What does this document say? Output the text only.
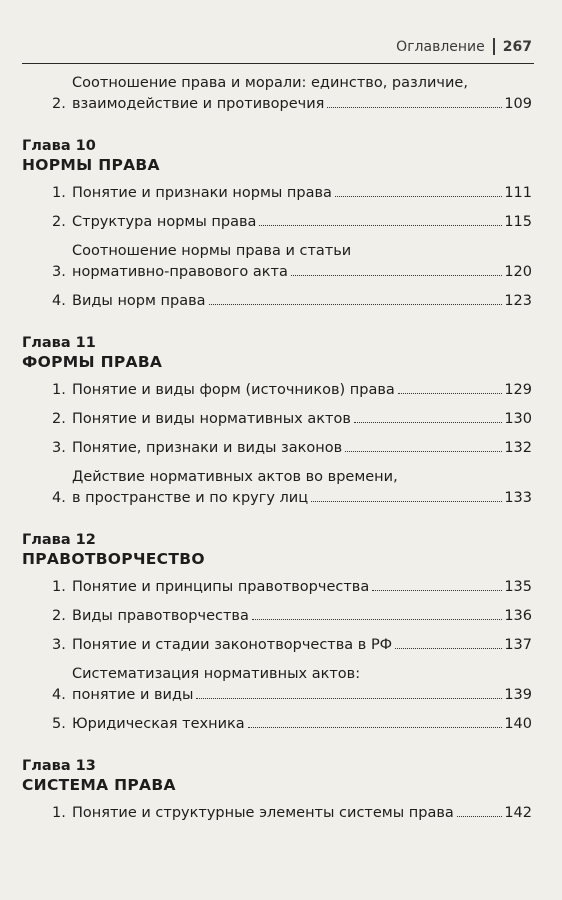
Оглавление 267
2.
Соотношение права и морали: единство, различие,
взаимодействие и противоречия	109
Глава 10
НОРМЫ ПРАВА
1. Понятие и признаки нормы права	111
2. Структура нормы права	115
3.
Соотношение нормы права и статьи
нормативно-правового акта	120
4. Виды норм права	123
Глава 11
ФОРМЫ ПРАВА
1. Понятие и виды форм (источников) права	129
2. Понятие и виды нормативных актов	130
3. Понятие, признаки и виды законов	132
4.
Действие нормативных актов во времени,
в пространстве и по кругу лиц	133
Глава 12
ПРАВОТВОРЧЕСТВО
1. Понятие и принципы правотворчества	135
2. Виды правотворчества	136
3. Понятие и стадии законотворчества в РФ	137
4.
Систематизация нормативных актов:
понятие и виды	139
5. Юридическая техника	140
Глава 13
СИСТЕМА ПРАВА
1. Понятие и структурные элементы системы права	142
